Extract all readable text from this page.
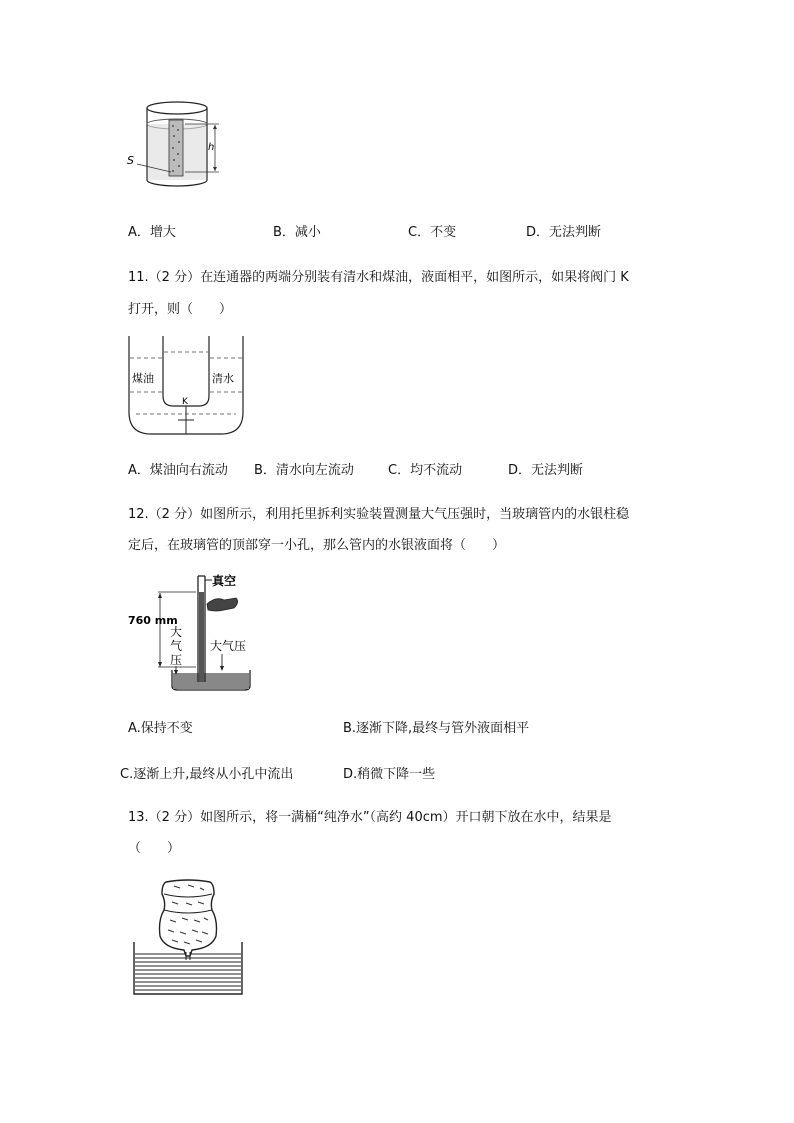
h
S
A．增大	B．减小	C．不变	D．无法判断
11.（2 分）在连通器的两端分别装有清水和煤油，液面相平，如图所示，如果将阀门 K
打开，则（　　）
煤油	清水
K
A．煤油向右流动 B．清水向左流动	C．均不流动	D．无法判断
12.（2 分）如图所示，利用托里拆利实验装置测量大气压强时，当玻璃管内的水银柱稳
定后，在玻璃管的顶部穿一小孔，那么管内的水银液面将（　　）
真空
760 mm
大
气
压
大气压
A.保持不变	B.逐渐下降,最终与管外液面相平
C.逐渐上升,最终从小孔中流出	D.稍微下降一些
13.（2 分）如图所示，将一满桶“纯净水”（高约 40cm）开口朝下放在水中，结果是
（　　）
